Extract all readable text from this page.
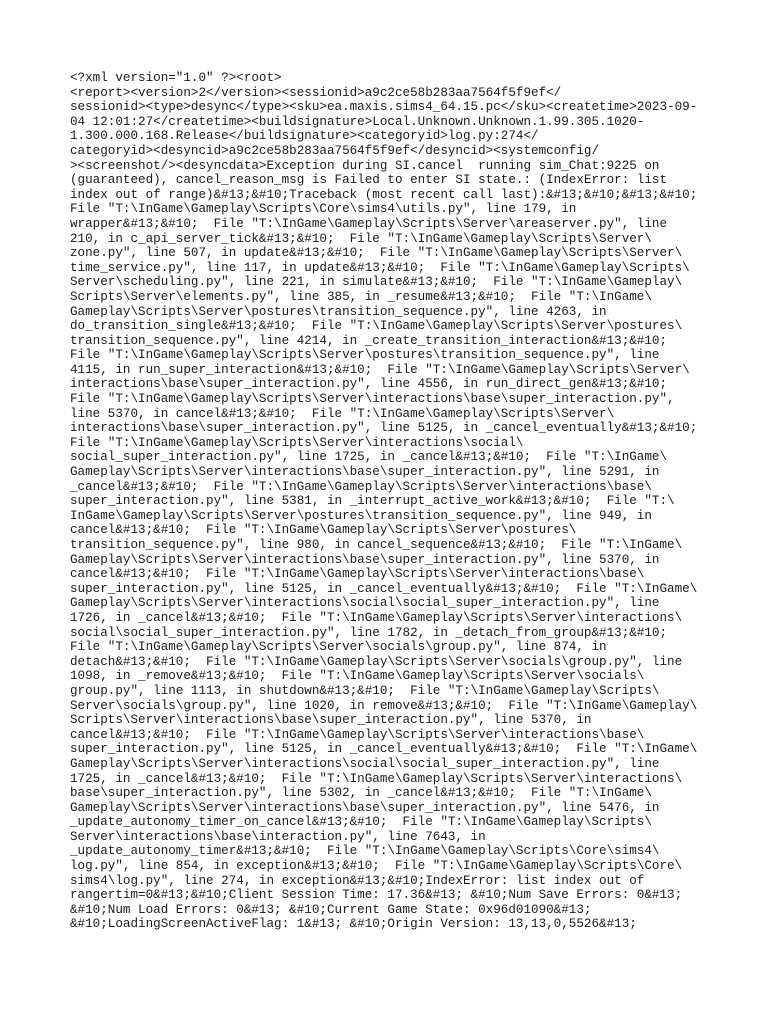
<?xml version="1.0" ?><root>
<report><version>2</version><sessionid>a9c2ce58b283aa7564f5f9ef</
sessionid><type>desync</type><sku>ea.maxis.sims4_64.15.pc</sku><createtime>2023-09-
04 12:01:27</createtime><buildsignature>Local.Unknown.Unknown.1.99.305.1020-
1.300.000.168.Release</buildsignature><categoryid>log.py:274</
categoryid><desyncid>a9c2ce58b283aa7564f5f9ef</desyncid><systemconfig/
><screenshot/><desyncdata>Exception during SI.cancel  running sim_Chat:9225 on
(guaranteed), cancel_reason_msg is Failed to enter SI state.: (IndexError: list
index out of range)&#13;&#10;Traceback (most recent call last):&#13;&#10;&#13;&#10;
File "T:\InGame\Gameplay\Scripts\Core\sims4\utils.py", line 179, in
wrapper&#13;&#10;  File "T:\InGame\Gameplay\Scripts\Server\areaserver.py", line
210, in c_api_server_tick&#13;&#10;  File "T:\InGame\Gameplay\Scripts\Server\
zone.py", line 507, in update&#13;&#10;  File "T:\InGame\Gameplay\Scripts\Server\
time_service.py", line 117, in update&#13;&#10;  File "T:\InGame\Gameplay\Scripts\
Server\scheduling.py", line 221, in simulate&#13;&#10;  File "T:\InGame\Gameplay\
Scripts\Server\elements.py", line 385, in _resume&#13;&#10;  File "T:\InGame\
Gameplay\Scripts\Server\postures\transition_sequence.py", line 4263, in
do_transition_single&#13;&#10;  File "T:\InGame\Gameplay\Scripts\Server\postures\
transition_sequence.py", line 4214, in _create_transition_interaction&#13;&#10;
File "T:\InGame\Gameplay\Scripts\Server\postures\transition_sequence.py", line
4115, in run_super_interaction&#13;&#10;  File "T:\InGame\Gameplay\Scripts\Server\
interactions\base\super_interaction.py", line 4556, in run_direct_gen&#13;&#10;
File "T:\InGame\Gameplay\Scripts\Server\interactions\base\super_interaction.py",
line 5370, in cancel&#13;&#10;  File "T:\InGame\Gameplay\Scripts\Server\
interactions\base\super_interaction.py", line 5125, in _cancel_eventually&#13;&#10;
File "T:\InGame\Gameplay\Scripts\Server\interactions\social\
social_super_interaction.py", line 1725, in _cancel&#13;&#10;  File "T:\InGame\
Gameplay\Scripts\Server\interactions\base\super_interaction.py", line 5291, in
_cancel&#13;&#10;  File "T:\InGame\Gameplay\Scripts\Server\interactions\base\
super_interaction.py", line 5381, in _interrupt_active_work&#13;&#10;  File "T:\
InGame\Gameplay\Scripts\Server\postures\transition_sequence.py", line 949, in
cancel&#13;&#10;  File "T:\InGame\Gameplay\Scripts\Server\postures\
transition_sequence.py", line 980, in cancel_sequence&#13;&#10;  File "T:\InGame\
Gameplay\Scripts\Server\interactions\base\super_interaction.py", line 5370, in
cancel&#13;&#10;  File "T:\InGame\Gameplay\Scripts\Server\interactions\base\
super_interaction.py", line 5125, in _cancel_eventually&#13;&#10;  File "T:\InGame\
Gameplay\Scripts\Server\interactions\social\social_super_interaction.py", line
1726, in _cancel&#13;&#10;  File "T:\InGame\Gameplay\Scripts\Server\interactions\
social\social_super_interaction.py", line 1782, in _detach_from_group&#13;&#10;
File "T:\InGame\Gameplay\Scripts\Server\socials\group.py", line 874, in
detach&#13;&#10;  File "T:\InGame\Gameplay\Scripts\Server\socials\group.py", line
1098, in _remove&#13;&#10;  File "T:\InGame\Gameplay\Scripts\Server\socials\
group.py", line 1113, in shutdown&#13;&#10;  File "T:\InGame\Gameplay\Scripts\
Server\socials\group.py", line 1020, in remove&#13;&#10;  File "T:\InGame\Gameplay\
Scripts\Server\interactions\base\super_interaction.py", line 5370, in
cancel&#13;&#10;  File "T:\InGame\Gameplay\Scripts\Server\interactions\base\
super_interaction.py", line 5125, in _cancel_eventually&#13;&#10;  File "T:\InGame\
Gameplay\Scripts\Server\interactions\social\social_super_interaction.py", line
1725, in _cancel&#13;&#10;  File "T:\InGame\Gameplay\Scripts\Server\interactions\
base\super_interaction.py", line 5302, in _cancel&#13;&#10;  File "T:\InGame\
Gameplay\Scripts\Server\interactions\base\super_interaction.py", line 5476, in
_update_autonomy_timer_on_cancel&#13;&#10;  File "T:\InGame\Gameplay\Scripts\
Server\interactions\base\interaction.py", line 7643, in
_update_autonomy_timer&#13;&#10;  File "T:\InGame\Gameplay\Scripts\Core\sims4\
log.py", line 854, in exception&#13;&#10;  File "T:\InGame\Gameplay\Scripts\Core\
sims4\log.py", line 274, in exception&#13;&#10;IndexError: list index out of
rangertim=0&#13;&#10;Client Session Time: 17.36&#13; &#10;Num Save Errors: 0&#13;
&#10;Num Load Errors: 0&#13; &#10;Current Game State: 0x96d01090&#13;
&#10;LoadingScreenActiveFlag: 1&#13; &#10;Origin Version: 13,13,0,5526&#13;
